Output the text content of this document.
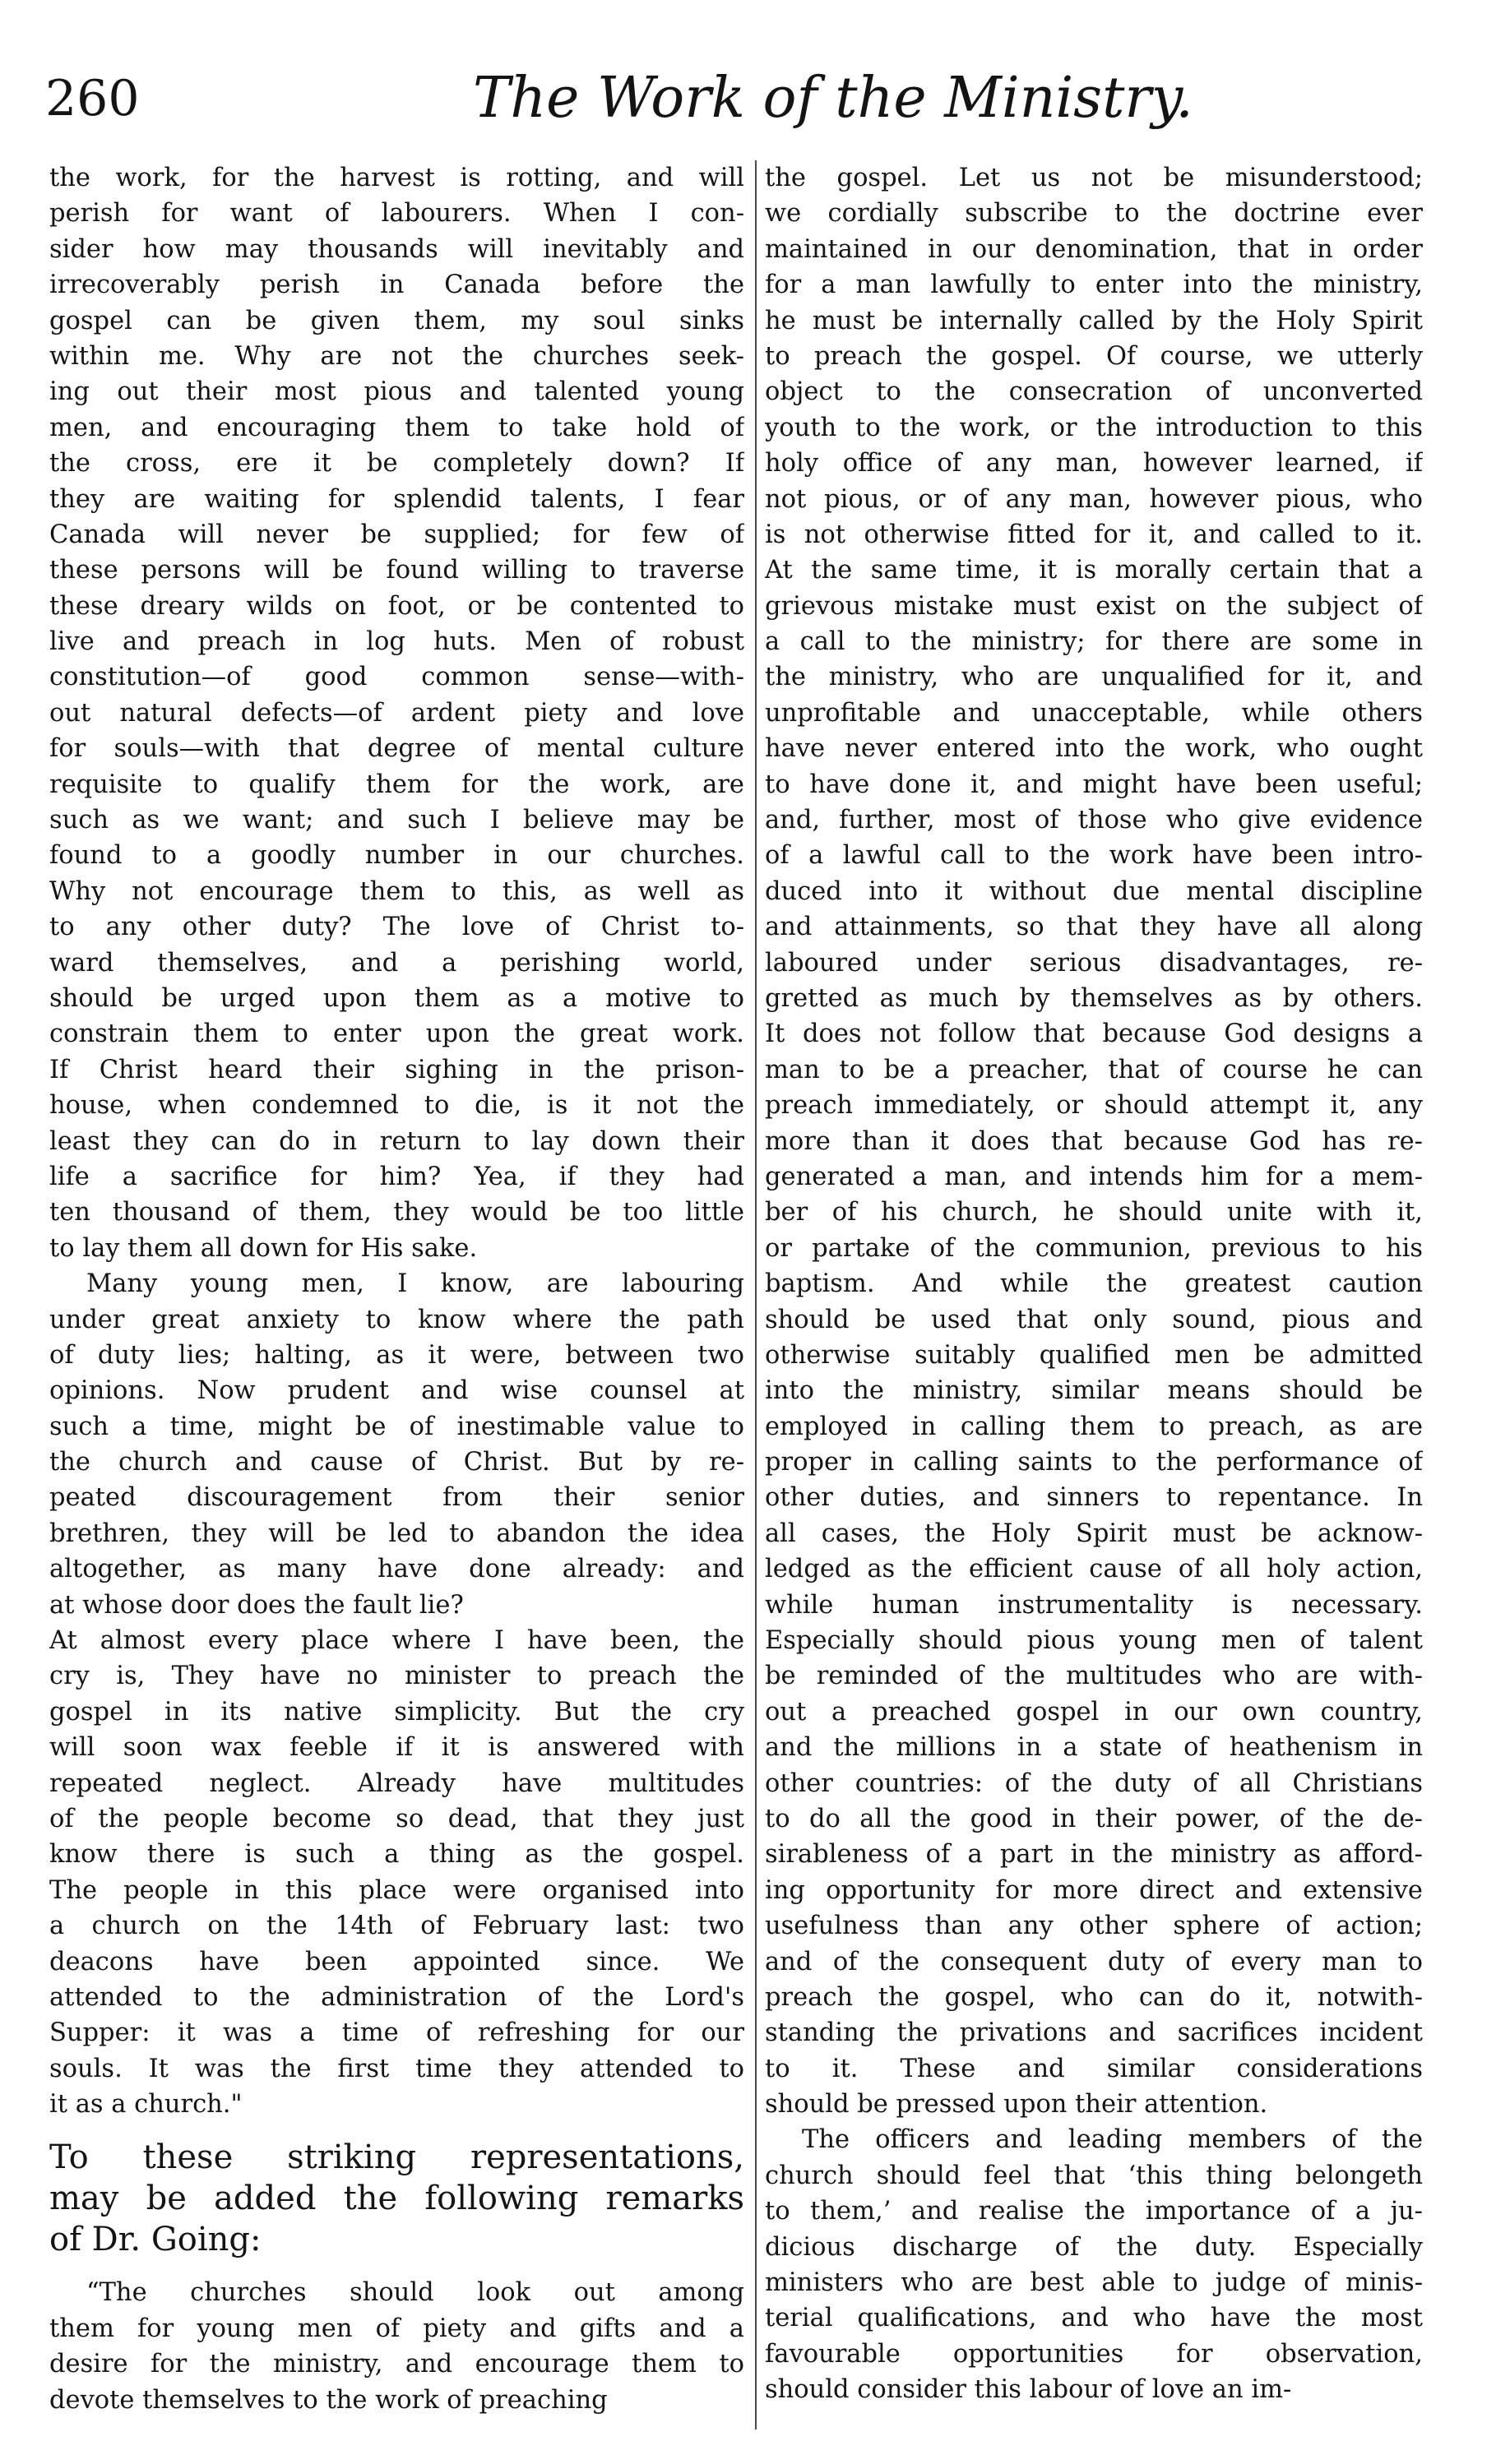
260	The Work of the Ministry.
the work, for the harvest is rotting, and will
perish for want of labourers. When I con-
sider how may thousands will inevitably and
irrecoverably perish in Canada before the
gospel can be given them, my soul sinks
within me. Why are not the churches seek-
ing out their most pious and talented young
men, and encouraging them to take hold of
the cross, ere it be completely down? If
they are waiting for splendid talents, I fear
Canada will never be supplied; for few of
these persons will be found willing to traverse
these dreary wilds on foot, or be contented to
live and preach in log huts. Men of robust
constitution—of good common sense—with-
out natural defects—of ardent piety and love
for souls—with that degree of mental culture
requisite to qualify them for the work, are
such as we want; and such I believe may be
found to a goodly number in our churches.
Why not encourage them to this, as well as
to any other duty? The love of Christ to-
ward themselves, and a perishing world,
should be urged upon them as a motive to
constrain them to enter upon the great work.
If Christ heard their sighing in the prison-
house, when condemned to die, is it not the
least they can do in return to lay down their
life a sacrifice for him? Yea, if they had
ten thousand of them, they would be too little
to lay them all down for His sake.
Many young men, I know, are labouring
under great anxiety to know where the path
of duty lies; halting, as it were, between two
opinions. Now prudent and wise counsel at
such a time, might be of inestimable value to
the church and cause of Christ. But by re-
peated discouragement from their senior
brethren, they will be led to abandon the idea
altogether, as many have done already: and
at whose door does the fault lie?
At almost every place where I have been, the
cry is, They have no minister to preach the
gospel in its native simplicity. But the cry
will soon wax feeble if it is answered with
repeated neglect. Already have multitudes
of the people become so dead, that they just
know there is such a thing as the gospel.
The people in this place were organised into
a church on the 14th of February last: two
deacons have been appointed since. We
attended to the administration of the Lord's
Supper: it was a time of refreshing for our
souls. It was the first time they attended to
it as a church."
To these striking representations,
may be added the following remarks
of Dr. Going:
“The churches should look out among
them for young men of piety and gifts and a
desire for the ministry, and encourage them to
devote themselves to the work of preaching
the gospel. Let us not be misunderstood;
we cordially subscribe to the doctrine ever
maintained in our denomination, that in order
for a man lawfully to enter into the ministry,
he must be internally called by the Holy Spirit
to preach the gospel. Of course, we utterly
object to the consecration of unconverted
youth to the work, or the introduction to this
holy office of any man, however learned, if
not pious, or of any man, however pious, who
is not otherwise fitted for it, and called to it.
At the same time, it is morally certain that a
grievous mistake must exist on the subject of
a call to the ministry; for there are some in
the ministry, who are unqualified for it, and
unprofitable and unacceptable, while others
have never entered into the work, who ought
to have done it, and might have been useful;
and, further, most of those who give evidence
of a lawful call to the work have been intro-
duced into it without due mental discipline
and attainments, so that they have all along
laboured under serious disadvantages, re-
gretted as much by themselves as by others.
It does not follow that because God designs a
man to be a preacher, that of course he can
preach immediately, or should attempt it, any
more than it does that because God has re-
generated a man, and intends him for a mem-
ber of his church, he should unite with it,
or partake of the communion, previous to his
baptism. And while the greatest caution
should be used that only sound, pious and
otherwise suitably qualified men be admitted
into the ministry, similar means should be
employed in calling them to preach, as are
proper in calling saints to the performance of
other duties, and sinners to repentance. In
all cases, the Holy Spirit must be acknow-
ledged as the efficient cause of all holy action,
while human instrumentality is necessary.
Especially should pious young men of talent
be reminded of the multitudes who are with-
out a preached gospel in our own country,
and the millions in a state of heathenism in
other countries: of the duty of all Christians
to do all the good in their power, of the de-
sirableness of a part in the ministry as afford-
ing opportunity for more direct and extensive
usefulness than any other sphere of action;
and of the consequent duty of every man to
preach the gospel, who can do it, notwith-
standing the privations and sacrifices incident
to it. These and similar considerations
should be pressed upon their attention.
The officers and leading members of the
church should feel that ‘this thing belongeth
to them,’ and realise the importance of a ju-
dicious discharge of the duty. Especially
ministers who are best able to judge of minis-
terial qualifications, and who have the most
favourable opportunities for observation,
should consider this labour of love an im-
